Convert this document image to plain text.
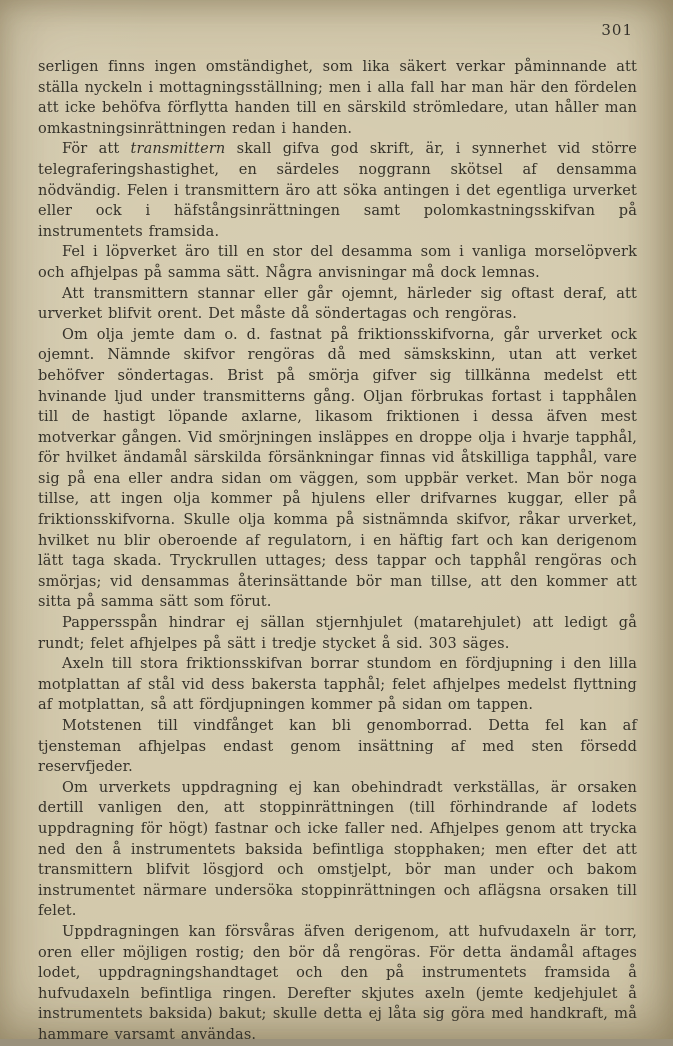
301

serligen finns ingen omständighet, som lika säkert verkar påminnande att ställa nyckeln i mottagningsställning; men i alla fall har man här den fördelen att icke behöfva förflytta handen till en särskild strömledare, utan håller man omkastningsinrättningen redan i handen.

För att transmittern skall gifva god skrift, är, i synnerhet vid större telegraferingshastighet, en särdeles noggrann skötsel af densamma nödvändig. Felen i transmittern äro att söka antingen i det egentliga urverket eller ock i häfstångsinrättningen samt polomkastningsskifvan på instrumentets framsida.

Fel i löpverket äro till en stor del desamma som i vanliga morselöpverk och afhjelpas på samma sätt. Några anvisningar må dock lemnas.

Att transmittern stannar eller går ojemnt, härleder sig oftast deraf, att urverket blifvit orent. Det måste då söndertagas och rengöras.

Om olja jemte dam o. d. fastnat på friktionsskifvorna, går urverket ock ojemnt. Nämnde skifvor rengöras då med sämskskinn, utan att verket behöfver söndertagas. Brist på smörja gifver sig tillkänna medelst ett hvinande ljud under transmitterns gång. Oljan förbrukas fortast i tapphålen till de hastigt löpande axlarne, likasom friktionen i dessa äfven mest motverkar gången. Vid smörjningen insläppes en droppe olja i hvarje tapphål, för hvilket ändamål särskilda försänkningar finnas vid åtskilliga tapphål, vare sig på ena eller andra sidan om väggen, som uppbär verket. Man bör noga tillse, att ingen olja kommer på hjulens eller drifvarnes kuggar, eller på friktionsskifvorna. Skulle olja komma på sistnämnda skifvor, råkar urverket, hvilket nu blir oberoende af regulatorn, i en häftig fart och kan derigenom lätt taga skada. Tryckrullen uttages; dess tappar och tapphål rengöras och smörjas; vid densammas återinsättande bör man tillse, att den kommer att sitta på samma sätt som förut.

Pappersspån hindrar ej sällan stjernhjulet (matarehjulet) att ledigt gå rundt; felet afhjelpes på sätt i tredje stycket å sid. 303 säges.

Axeln till stora friktionsskifvan borrar stundom en fördjupning i den lilla motplattan af stål vid dess bakersta tapphål; felet afhjelpes medelst flyttning af motplattan, så att fördjupningen kommer på sidan om tappen.

Motstenen till vindfånget kan bli genomborrad. Detta fel kan af tjensteman afhjelpas endast genom insättning af med sten försedd reservfjeder.

Om urverkets uppdragning ej kan obehindradt verkställas, är orsaken dertill vanligen den, att stoppinrättningen (till förhindrande af lodets uppdragning för högt) fastnar och icke faller ned. Afhjelpes genom att trycka ned den å instrumentets baksida befintliga stopphaken; men efter det att transmittern blifvit lösgjord och omstjelpt, bör man under och bakom instrumentet närmare undersöka stoppinrättningen och aflägsna orsaken till felet.

Uppdragningen kan försvåras äfven derigenom, att hufvudaxeln är torr, oren eller möjligen rostig; den bör då rengöras. För detta ändamål aftages lodet, uppdragningshandtaget och den på instrumentets framsida å hufvudaxeln befintliga ringen. Derefter skjutes axeln (jemte kedjehjulet å instrumentets baksida) bakut; skulle detta ej låta sig göra med handkraft, må hammare varsamt användas.
